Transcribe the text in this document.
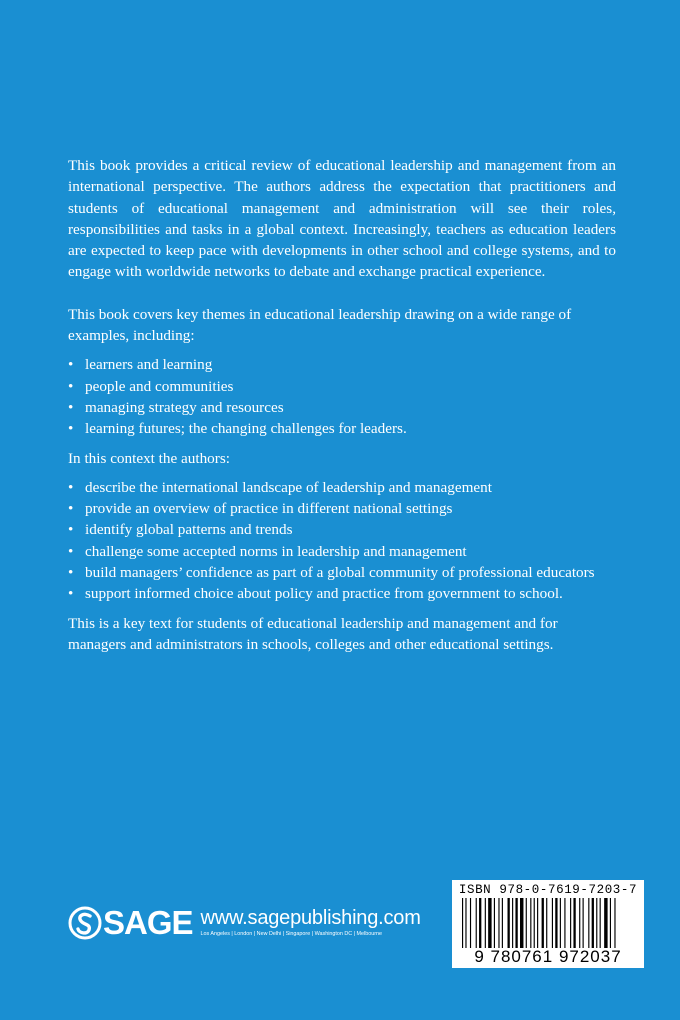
This book provides a critical review of educational leadership and management from an international perspective. The authors address the expectation that practitioners and students of educational management and administration will see their roles, responsibilities and tasks in a global context. Increasingly, teachers as education leaders are expected to keep pace with developments in other school and college systems, and to engage with worldwide networks to debate and exchange practical experience.

This book covers key themes in educational leadership drawing on a wide range of examples, including:

• learners and learning
• people and communities
• managing strategy and resources
• learning futures; the changing challenges for leaders.

In this context the authors:

• describe the international landscape of leadership and management
• provide an overview of practice in different national settings
• identify global patterns and trends
• challenge some accepted norms in leadership and management
• build managers’ confidence as part of a global community of professional educators
• support informed choice about policy and practice from government to school.

This is a key text for students of educational leadership and management and for managers and administrators in schools, colleges and other educational settings.

SAGE www.sagepublishing.com
Los Angeles | London | New Delhi | Singapore | Washington DC | Melbourne
ISBN 978-0-7619-7203-7
9 780761 972037
